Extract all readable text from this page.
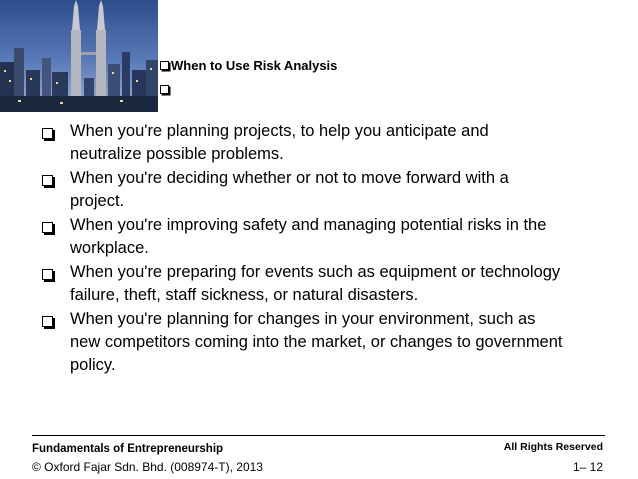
When to Use Risk Analysis
When you're planning projects, to help you anticipate and
neutralize possible problems.
When you're deciding whether or not to move forward with a
project.
When you're improving safety and managing potential risks in the
workplace.
When you're preparing for events such as equipment or technology
failure, theft, staff sickness, or natural disasters.
When you're planning for changes in your environment, such as
new competitors coming into the market, or changes to government
policy.
Fundamentals of Entrepreneurship
© Oxford Fajar Sdn. Bhd. (008974-T), 2013
All Rights Reserved
1– 12
